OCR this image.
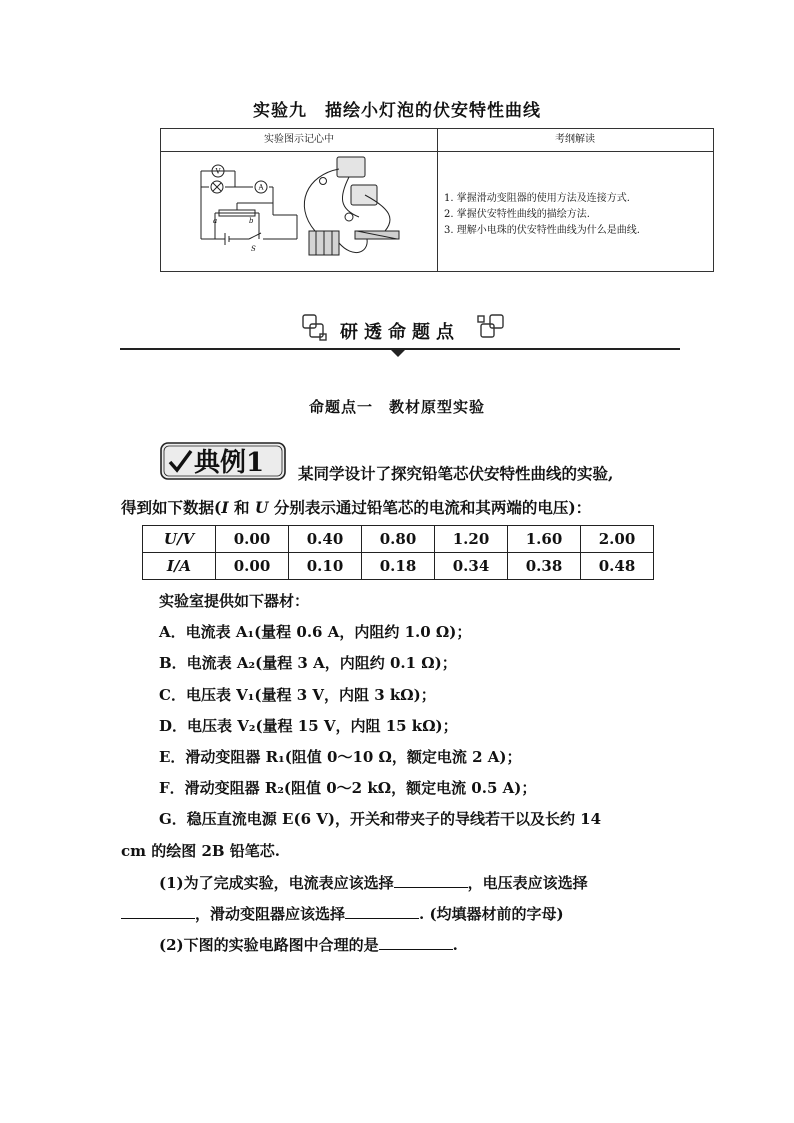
实验九　描绘小灯泡的伏安特性曲线
实验图示记心中	考纲解读
V
A
a	b
S
1. 掌握滑动变阻器的使用方法及连接方式.
2. 掌握伏安特性曲线的描绘方法.
3. 理解小电珠的伏安特性曲线为什么是曲线.
研透命题点
命题点一　教材原型实验
典例1 某同学设计了探究铅笔芯伏安特性曲线的实验,
得到如下数据(I 和 U 分别表示通过铅笔芯的电流和其两端的电压)：
U/V	0.00	0.40	0.80	1.20	1.60	2.00
I/A	0.00	0.10	0.18	0.34	0.38	0.48
实验室提供如下器材：
A．电流表 A₁(量程 0.6 A，内阻约 1.0 Ω)；
B．电流表 A₂(量程 3 A，内阻约 0.1 Ω)；
C．电压表 V₁(量程 3 V，内阻 3 kΩ)；
D．电压表 V₂(量程 15 V，内阻 15 kΩ)；
E．滑动变阻器 R₁(阻值 0～10 Ω，额定电流 2 A)；
F．滑动变阻器 R₂(阻值 0～2 kΩ，额定电流 0.5 A)；
G．稳压直流电源 E(6 V)，开关和带夹子的导线若干以及长约 14
cm 的绘图 2B 铅笔芯.
(1)为了完成实验，电流表应该选择	，电压表应该选择
，滑动变阻器应该选择	. (均填器材前的字母)
(2)下图的实验电路图中合理的是	.
